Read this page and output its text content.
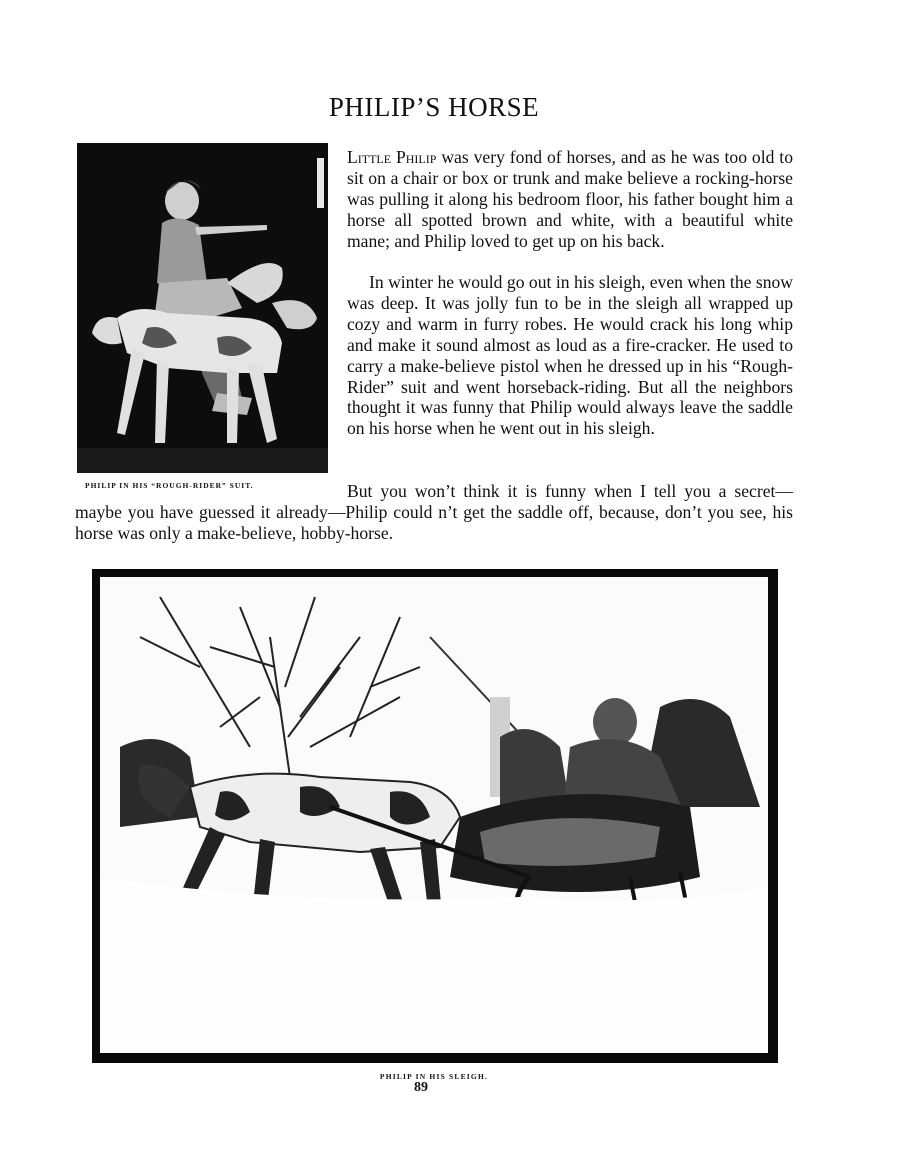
PHILIP’S HORSE
PHILIP IN HIS “ROUGH-RIDER” SUIT.

Little Philip was very fond of horses, and as he was too old to sit on a chair or box or trunk and make believe a rocking-horse was pulling it along his bedroom floor, his father bought him a horse all spotted brown and white, with a beautiful white mane; and Philip loved to get up on his back.

In winter he would go out in his sleigh, even when the snow was deep. It was jolly fun to be in the sleigh all wrapped up cozy and warm in furry robes. He would crack his long whip and make it sound almost as loud as a fire-cracker. He used to carry a make-believe pistol when he dressed up in his “Rough-Rider” suit and went horseback-riding. But all the neighbors thought it was funny that Philip would always leave the saddle on his horse when he went out in his sleigh.

But you won’t think it is funny when I tell you a secret—maybe you have guessed it already—Philip could n’t get the saddle off, because, don’t you see, his horse was only a make-believe, hobby-horse.

PHILIP IN HIS SLEIGH.
89
